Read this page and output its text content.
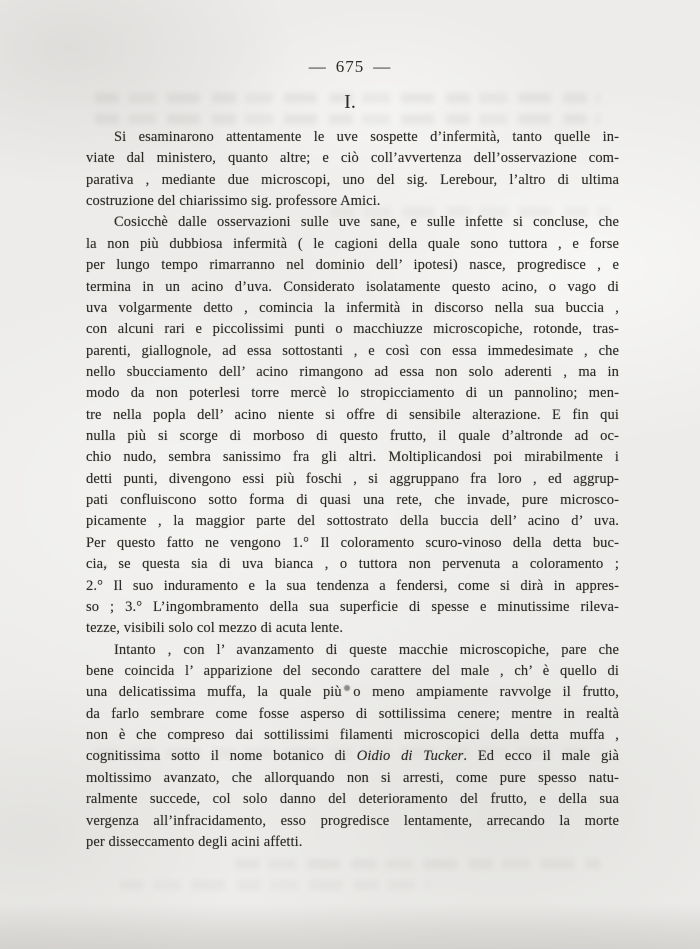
— 675 —
I.
Si esaminarono attentamente le uve sospette d’infermità, tanto quelle in-
viate dal ministero, quanto altre; e ciò coll’avvertenza dell’osservazione com-
parativa , mediante due microscopi, uno del sig. Lerebour, l’altro di ultima
costruzione del chiarissimo sig. professore Amici.
Cosicchè dalle osservazioni sulle uve sane, e sulle infette si concluse, che
la non più dubbiosa infermità ( le cagioni della quale sono tuttora , e forse
per lungo tempo rimarranno nel dominio dell’ ipotesi) nasce, progredisce , e
termina in un acino d’uva. Considerato isolatamente questo acino, o vago di
uva volgarmente detto , comincia la infermità in discorso nella sua buccia ,
con alcuni rari e piccolissimi punti o macchiuzze microscopiche, rotonde, tras-
parenti, giallognole, ad essa sottostanti , e così con essa immedesimate , che
nello sbucciamento dell’ acino rimangono ad essa non solo aderenti , ma in
modo da non poterlesi torre mercè lo stropicciamento di un pannolino; men-
tre nella popla dell’ acino niente si offre di sensibile alterazione. E fin qui
nulla più si scorge di morboso di questo frutto, il quale d’altronde ad oc-
chio nudo, sembra sanissimo fra gli altri. Moltiplicandosi poi mirabilmente i
detti punti, divengono essi più foschi , si aggruppano fra loro , ed aggrup-
pati confluiscono sotto forma di quasi una rete, che invade, pure microsco-
picamente , la maggior parte del sottostrato della buccia dell’ acino d’ uva.
Per questo fatto ne vengono 1.° Il coloramento scuro-vinoso della detta buc-
cia, se questa sia di uva bianca , o tuttora non pervenuta a coloramento ;
2.° Il suo induramento e la sua tendenza a fendersi, come si dirà in appres-
so ; 3.° L’ingombramento della sua superficie di spesse e minutissime rileva-
tezze, visibili solo col mezzo di acuta lente.
Intanto , con l’ avanzamento di queste macchie microscopiche, pare che
bene coincida l’ apparizione del secondo carattere del male , ch’ è quello di
una delicatissima muffa, la quale più o meno ampiamente ravvolge il frutto,
da farlo sembrare come fosse asperso di sottilissima cenere; mentre in realtà
non è che compreso dai sottilissimi filamenti microscopici della detta muffa ,
cognitissima sotto il nome botanico di Oidio di Tucker. Ed ecco il male già
moltissimo avanzato, che allorquando non si arresti, come pure spesso natu-
ralmente succede, col solo danno del deterioramento del frutto, e della sua
vergenza all’infracidamento, esso progredisce lentamente, arrecando la morte
per disseccamento degli acini affetti.
